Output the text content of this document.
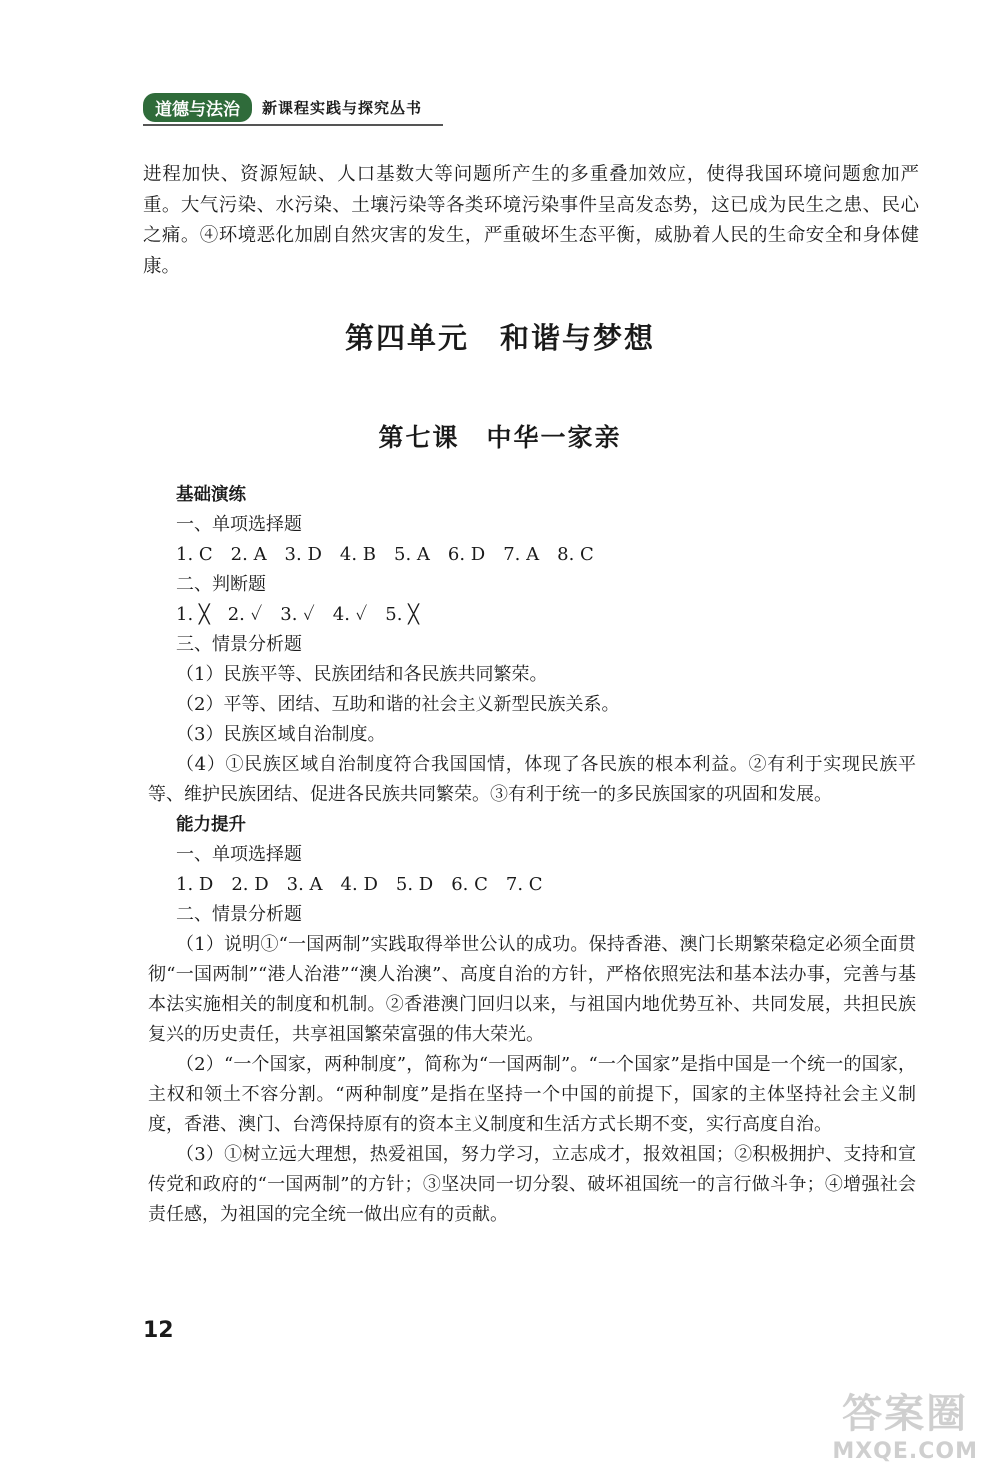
道德与法治	新课程实践与探究丛书

进程加快、资源短缺、人口基数大等问题所产生的多重叠加效应，使得我国环境问题愈加严重。大气污染、水污染、土壤污染等各类环境污染事件呈高发态势，这已成为民生之患、民心之痛。④环境恶化加剧自然灾害的发生，严重破坏生态平衡，威胁着人民的生命安全和身体健康。

第四单元　和谐与梦想
第七课　中华一家亲

基础演练

一、单项选择题

1. C　2. A　3. D　4. B　5. A　6. D　7. A　8. C

二、判断题

1. ╳　2. ✓　3. ✓　4. ✓　5. ╳

三、情景分析题

（1）民族平等、民族团结和各民族共同繁荣。

（2）平等、团结、互助和谐的社会主义新型民族关系。

（3）民族区域自治制度。

（4）①民族区域自治制度符合我国国情，体现了各民族的根本利益。②有利于实现民族平等、维护民族团结、促进各民族共同繁荣。③有利于统一的多民族国家的巩固和发展。

能力提升

一、单项选择题

1. D　2. D　3. A　4. D　5. D　6. C　7. C

二、情景分析题

（1）说明①“一国两制”实践取得举世公认的成功。保持香港、澳门长期繁荣稳定必须全面贯彻“一国两制”“港人治港”“澳人治澳”、高度自治的方针，严格依照宪法和基本法办事，完善与基本法实施相关的制度和机制。②香港澳门回归以来，与祖国内地优势互补、共同发展，共担民族复兴的历史责任，共享祖国繁荣富强的伟大荣光。

（2）“一个国家，两种制度”，简称为“一国两制”。“一个国家”是指中国是一个统一的国家，主权和领土不容分割。“两种制度”是指在坚持一个中国的前提下，国家的主体坚持社会主义制度，香港、澳门、台湾保持原有的资本主义制度和生活方式长期不变，实行高度自治。

（3）①树立远大理想，热爱祖国，努力学习，立志成才，报效祖国；②积极拥护、支持和宣传党和政府的“一国两制”的方针；③坚决同一切分裂、破坏祖国统一的言行做斗争；④增强社会责任感，为祖国的完全统一做出应有的贡献。

12
答案圈
MXQE.COM
